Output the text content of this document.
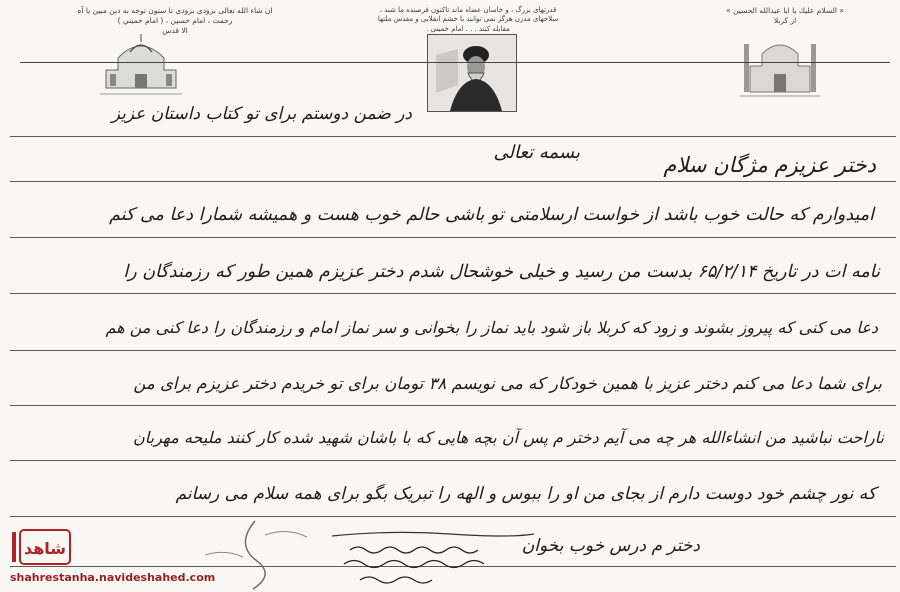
ان شاء الله تعالى بزودى بزودى تا ستون توجه به دين مبين با آه رحمت ، امام حسين ، ( امام خميني )
الا قدس
قدرتهاى بزرگ ، و خاسان عضاه ماند تاكنون فرصنده ما شند ، سلاحهاى مدرن هرگز نمى توانند با خشم انقلابى و مقدس ملتها مقابله كنند . . . امام خمينى .
« السلام عليك يا ابا عبدالله الحسين »
از كربلا
در ضمن دوستم برای تو کتاب داستان عزیز
بسمه تعالی
دختر عزیزم مژگان سلام
امیدوارم که حالت خوب باشد از خواست ارسلامتی تو باشی حالم خوب هست و همیشه شمارا دعا می کنم
نامه ات در تاریخ ۶۵/۲/۱۴ بدست من رسید و خیلی خوشحال شدم دختر عزیزم همین طور که رزمندگان را
دعا می کنی که پیروز بشوند و زود که کربلا باز شود باید نماز را بخوانی و سر نماز امام و رزمندگان را دعا کنی من هم
برای شما دعا می کنم دختر عزیز با همین خودکار که می نویسم ۳۸ تومان برای تو خریدم دختر عزیزم برای من
ناراحت نباشید من انشاءالله هر چه می آیم دختر م پس آن بچه هایی که با باشان شهید شده کار کنند ملیحه مهربان
که نور چشم خود دوست دارم از بجای من او را ببوس و الهه را تبریک بگو برای همه سلام می رسانم
دختر م درس خوب بخوان
شاهد
shahrestanha.navideshahed.com
